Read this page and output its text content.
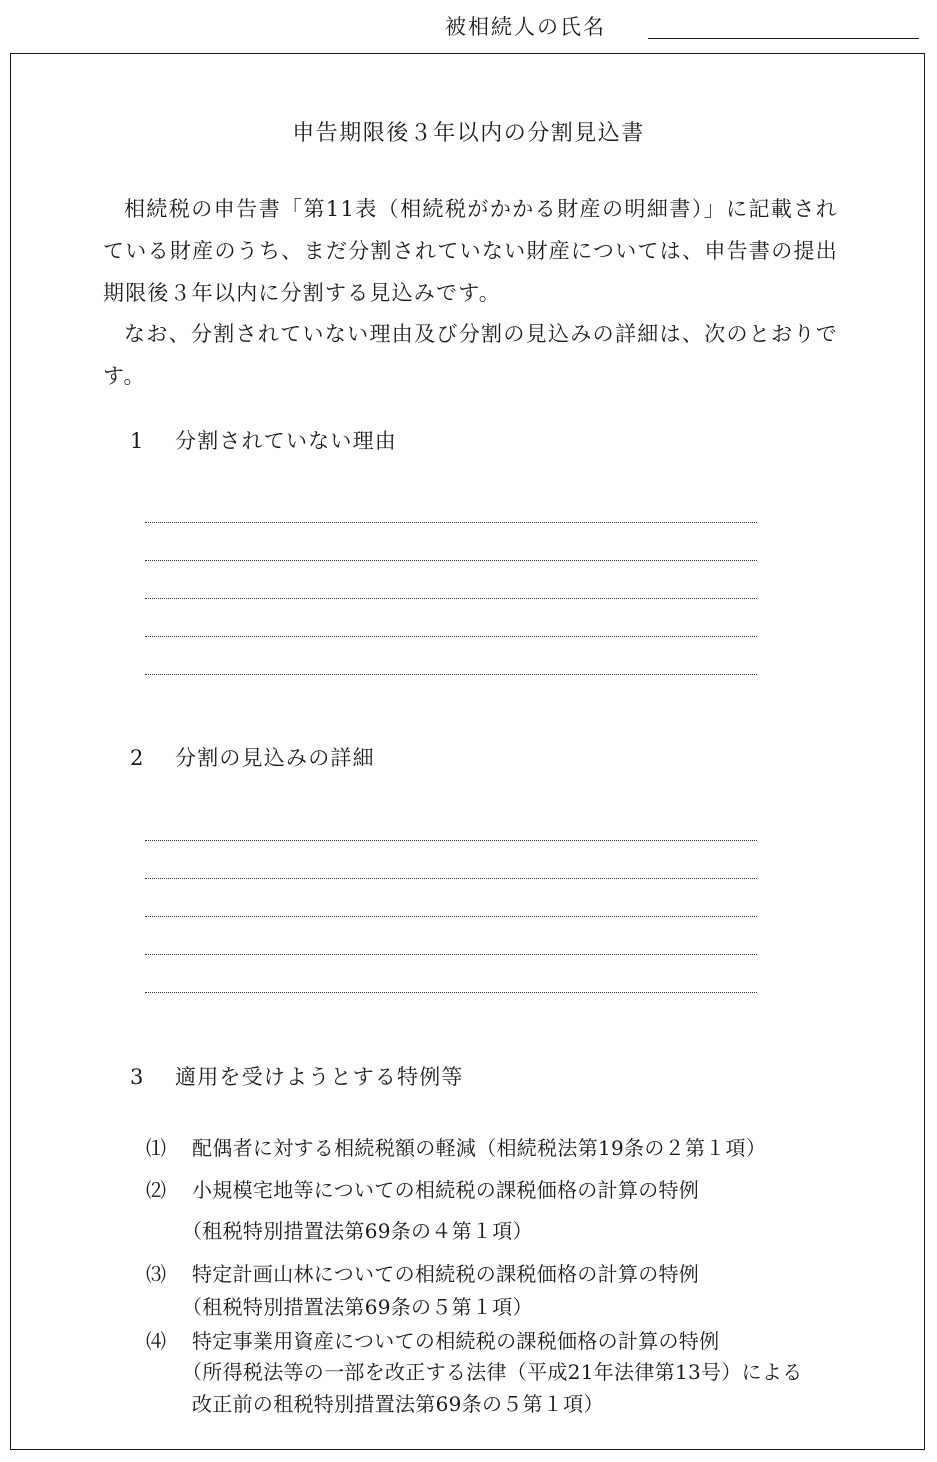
被相続人の氏名
申告期限後３年以内の分割見込書
相続税の申告書「第11表（相続税がかかる財産の明細書）」に記載されている財産のうち、まだ分割されていない財産については、申告書の提出期限後３年以内に分割する見込みです。
なお、分割されていない理由及び分割の見込みの詳細は、次のとおりです。
1 分割されていない理由
2 分割の見込みの詳細
3 適用を受けようとする特例等
⑴ 配偶者に対する相続税額の軽減（相続税法第19条の２第１項）
⑵ 小規模宅地等についての相続税の課税価格の計算の特例
（租税特別措置法第69条の４第１項）
⑶ 特定計画山林についての相続税の課税価格の計算の特例
（租税特別措置法第69条の５第１項）
⑷ 特定事業用資産についての相続税の課税価格の計算の特例
（所得税法等の一部を改正する法律（平成21年法律第13号）による
改正前の租税特別措置法第69条の５第１項）
